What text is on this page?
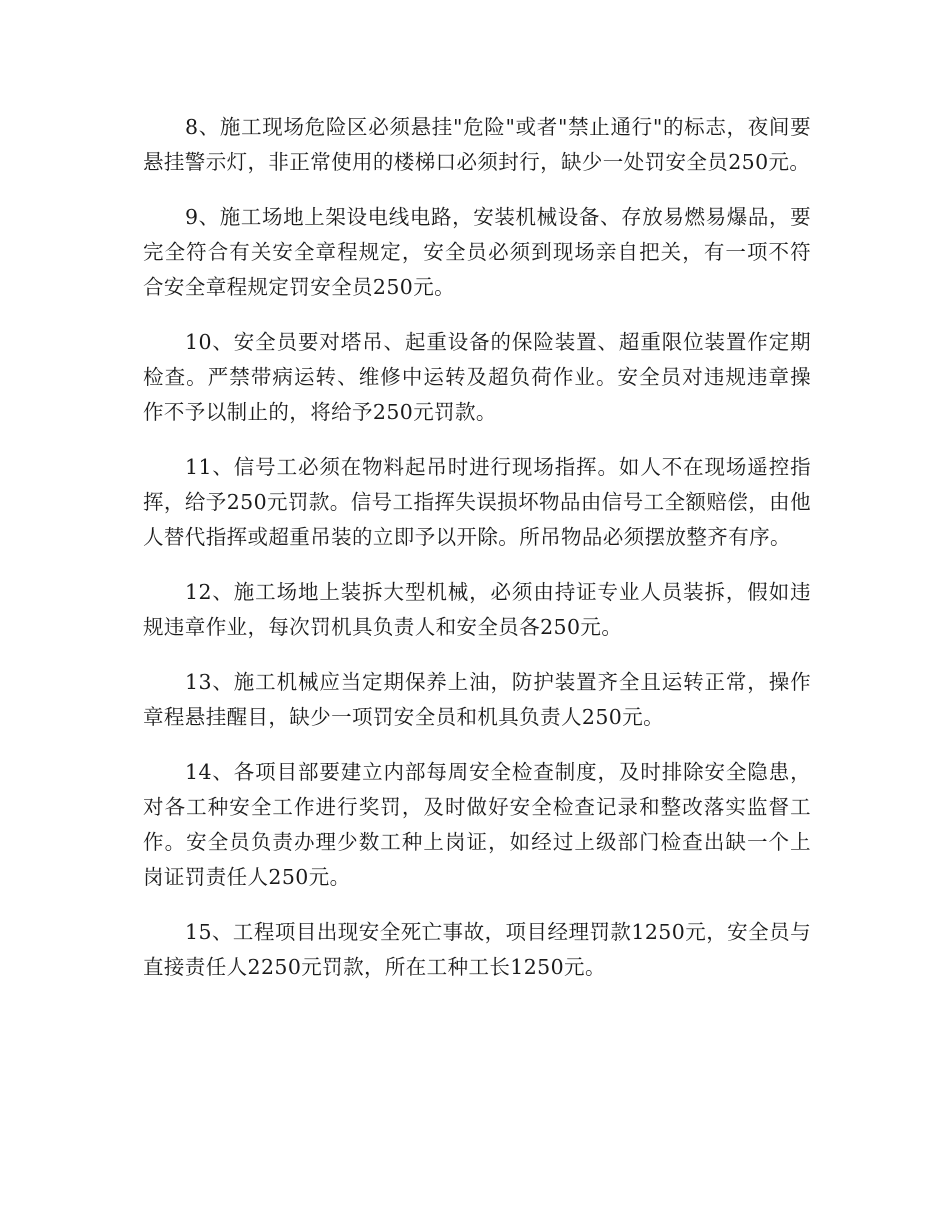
8、施工现场危险区必须悬挂"危险"或者"禁止通行"的标志，夜间要悬挂警示灯，非正常使用的楼梯口必须封行，缺少一处罚安全员250元。

9、施工场地上架设电线电路，安装机械设备、存放易燃易爆品，要完全符合有关安全章程规定，安全员必须到现场亲自把关，有一项不符合安全章程规定罚安全员250元。

10、安全员要对塔吊、起重设备的保险装置、超重限位装置作定期检查。严禁带病运转、维修中运转及超负荷作业。安全员对违规违章操作不予以制止的，将给予250元罚款。

11、信号工必须在物料起吊时进行现场指挥。如人不在现场遥控指挥，给予250元罚款。信号工指挥失误损坏物品由信号工全额赔偿，由他人替代指挥或超重吊装的立即予以开除。所吊物品必须摆放整齐有序。

12、施工场地上装拆大型机械，必须由持证专业人员装拆，假如违规违章作业，每次罚机具负责人和安全员各250元。

13、施工机械应当定期保养上油，防护装置齐全且运转正常，操作章程悬挂醒目，缺少一项罚安全员和机具负责人250元。

14、各项目部要建立内部每周安全检查制度，及时排除安全隐患，对各工种安全工作进行奖罚，及时做好安全检查记录和整改落实监督工作。安全员负责办理少数工种上岗证，如经过上级部门检查出缺一个上岗证罚责任人250元。

15、工程项目出现安全死亡事故，项目经理罚款1250元，安全员与直接责任人2250元罚款，所在工种工长1250元。
